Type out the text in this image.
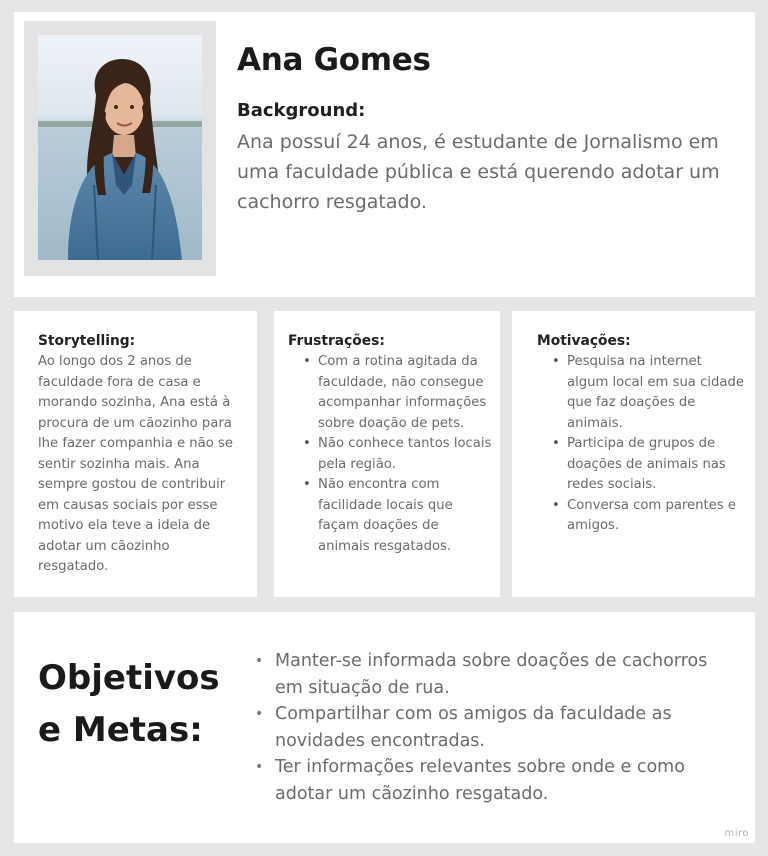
Ana Gomes
Background:
Ana possuí 24 anos, é estudante de Jornalismo em uma faculdade pública e está querendo adotar um cachorro resgatado.
Storytelling:

Ao longo dos 2 anos de faculdade fora de casa e morando sozinha, Ana está à procura de um cãozinho para lhe fazer companhia e não se sentir sozinha mais. Ana sempre gostou de contribuir em causas sociais por esse motivo ela teve a ideia de adotar um cãozinho resgatado.

Frustrações:
• Com a rotina agitada da faculdade, não consegue acompanhar informações sobre doação de pets.
• Não conhece tantos locais pela região.
• Não encontra com facilidade locais que façam doações de animais resgatados.
Motivações:
• Pesquisa na internet algum local em sua cidade que faz doações de animais.
• Participa de grupos de doações de animais nas redes sociais.
• Conversa com parentes e amigos.
Objetivos
e Metas:
• Manter-se informada sobre doações de cachorros em situação de rua.
• Compartilhar com os amigos da faculdade as novidades encontradas.
• Ter informações relevantes sobre onde e como adotar um cãozinho resgatado.
miro
